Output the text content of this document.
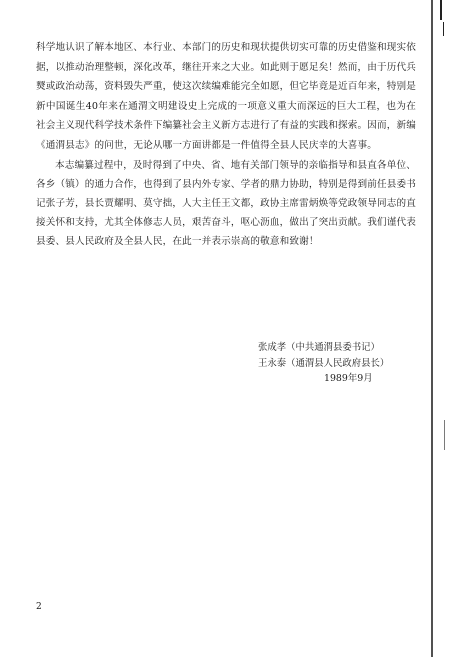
科学地认识了解本地区、本行业、本部门的历史和现状提供切实可靠的历史借鉴和现实依据，以推动治理整顿，深化改革，继往开来之大业。如此则于愿足矣！然而，由于历代兵燹或政治动荡，资料毁失严重，使这次续编难能完全如愿，但它毕竟是近百年来，特别是新中国诞生40年来在通渭文明建设史上完成的一项意义重大而深远的巨大工程，也为在社会主义现代科学技术条件下编纂社会主义新方志进行了有益的实践和探索。因而，新编《通渭县志》的问世，无论从哪一方面讲都是一件值得全县人民庆幸的大喜事。

本志编纂过程中，及时得到了中央、省、地有关部门领导的亲临指导和县直各单位、各乡（镇）的通力合作，也得到了县内外专家、学者的鼎力协助，特别是得到前任县委书记张子芳，县长贾耀明、莫守拙，人大主任王文都，政协主席雷炳焕等党政领导同志的直接关怀和支持，尤其全体修志人员，艰苦奋斗，呕心沥血，做出了突出贡献。我们谨代表县委、县人民政府及全县人民，在此一并表示崇高的敬意和致谢！

张成孝（中共通渭县委书记）
王永泰（通渭县人民政府县长）
1989年9月
2
